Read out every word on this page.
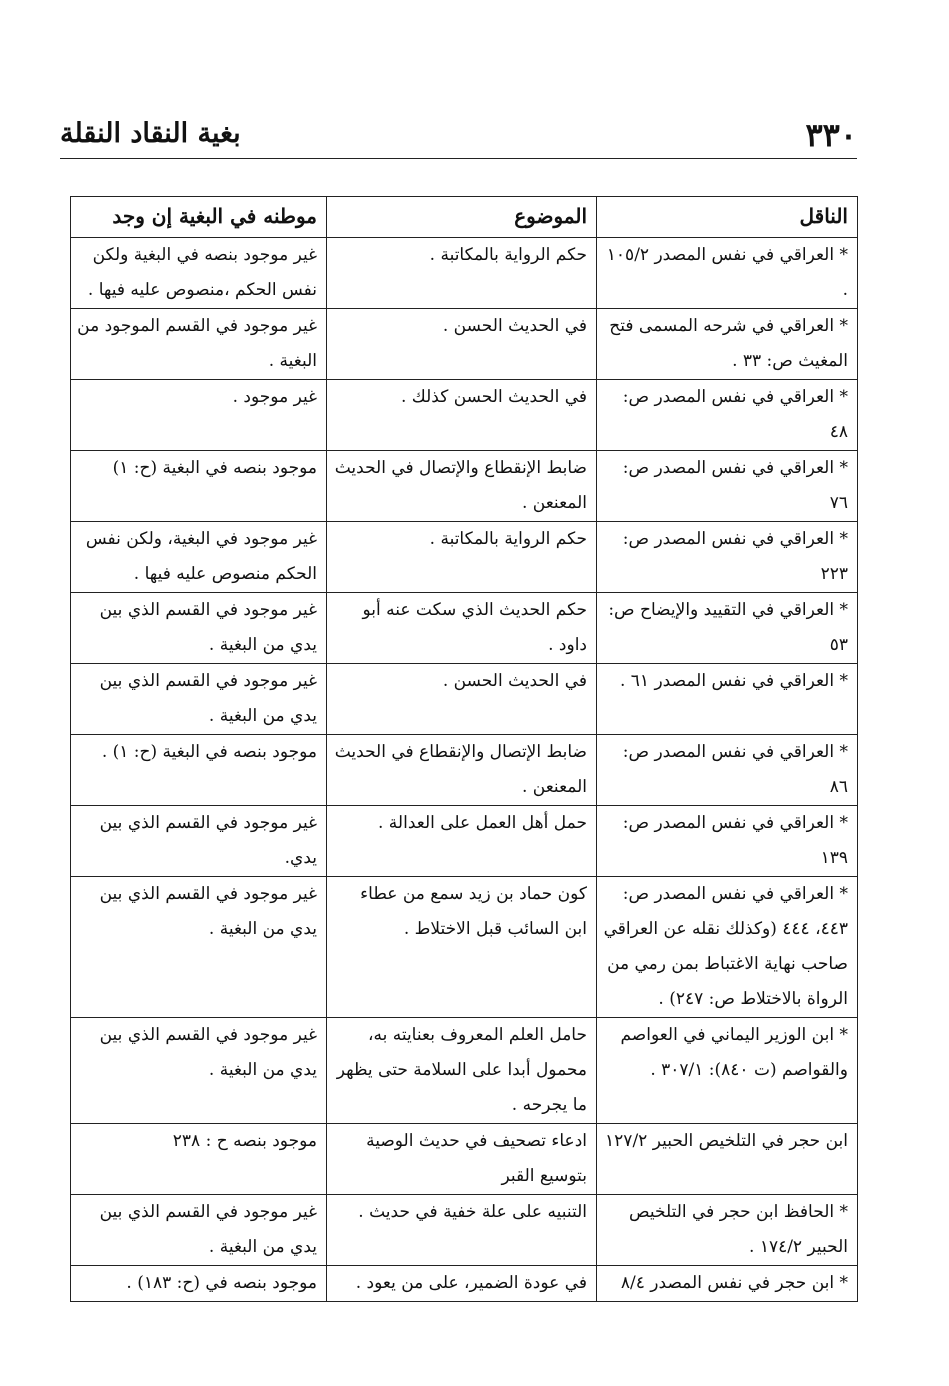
٣٣٠
بغية النقاد النقلة
الناقل	الموضوع	موطنه في البغية إن وجد
* العراقي في نفس المصدر ١٠٥/٢ .	حكم الرواية بالمكاتبة .	غير موجود بنصه في البغية ولكن نفس الحكم ،منصوص عليه فيها .
* العراقي في شرحه المسمى فتح المغيث ص: ٣٣ .	في الحديث الحسن .	غير موجود في القسم الموجود من البغية .
* العراقي في نفس المصدر ص: ٤٨	في الحديث الحسن كذلك .	غير موجود .
* العراقي في نفس المصدر ص: ٧٦	ضابط الإنقطاع والإتصال في الحديث المعنعن .	موجود بنصه في البغية (ح: ١)
* العراقي في نفس المصدر ص: ٢٢٣	حكم الرواية بالمكاتبة .	غير موجود في البغية، ولكن نفس الحكم منصوص عليه فيها .
* العراقي في التقييد والإيضاح ص: ٥٣	حكم الحديث الذي سكت عنه أبو داود .	غير موجود في القسم الذي بين يدي من البغية .
* العراقي في نفس المصدر ٦١ .	في الحديث الحسن .	غير موجود في القسم الذي بين يدي من البغية .
* العراقي في نفس المصدر ص: ٨٦	ضابط الإتصال والإنقطاع في الحديث المعنعن .	موجود بنصه في البغية (ح: ١) .
* العراقي في نفس المصدر ص: ١٣٩	حمل أهل العمل على العدالة .	غير موجود في القسم الذي بين يدي.
* العراقي في نفس المصدر ص: ٤٤٣، ٤٤٤ (وكذلك نقله عن العراقي صاحب نهاية الاغتباط بمن رمي من الرواة بالاختلاط ص: ٢٤٧) .	كون حماد بن زيد سمع من عطاء ابن السائب قبل الاختلاط .	غير موجود في القسم الذي بين يدي من البغية .
* ابن الوزير اليماني في العواصم والقواصم (ت ٨٤٠): ٣٠٧/١ .	حامل العلم المعروف بعنايته به، محمول أبدا على السلامة حتى يظهر ما يجرحه .	غير موجود في القسم الذي بين يدي من البغية .
ابن حجر في التلخيص الحبير ١٢٧/٢	ادعاء تصحيف في حديث الوصية بتوسيع القبر	موجود بنصه ح : ٢٣٨
* الحافظ ابن حجر في التلخيص الحبير ١٧٤/٢ .	التنبيه على علة خفية في حديث .	غير موجود في القسم الذي بين يدي من البغية .
* ابن حجر في نفس المصدر ٨/٤	في عودة الضمير، على من يعود .	موجود بنصه في (ح: ١٨٣) .
